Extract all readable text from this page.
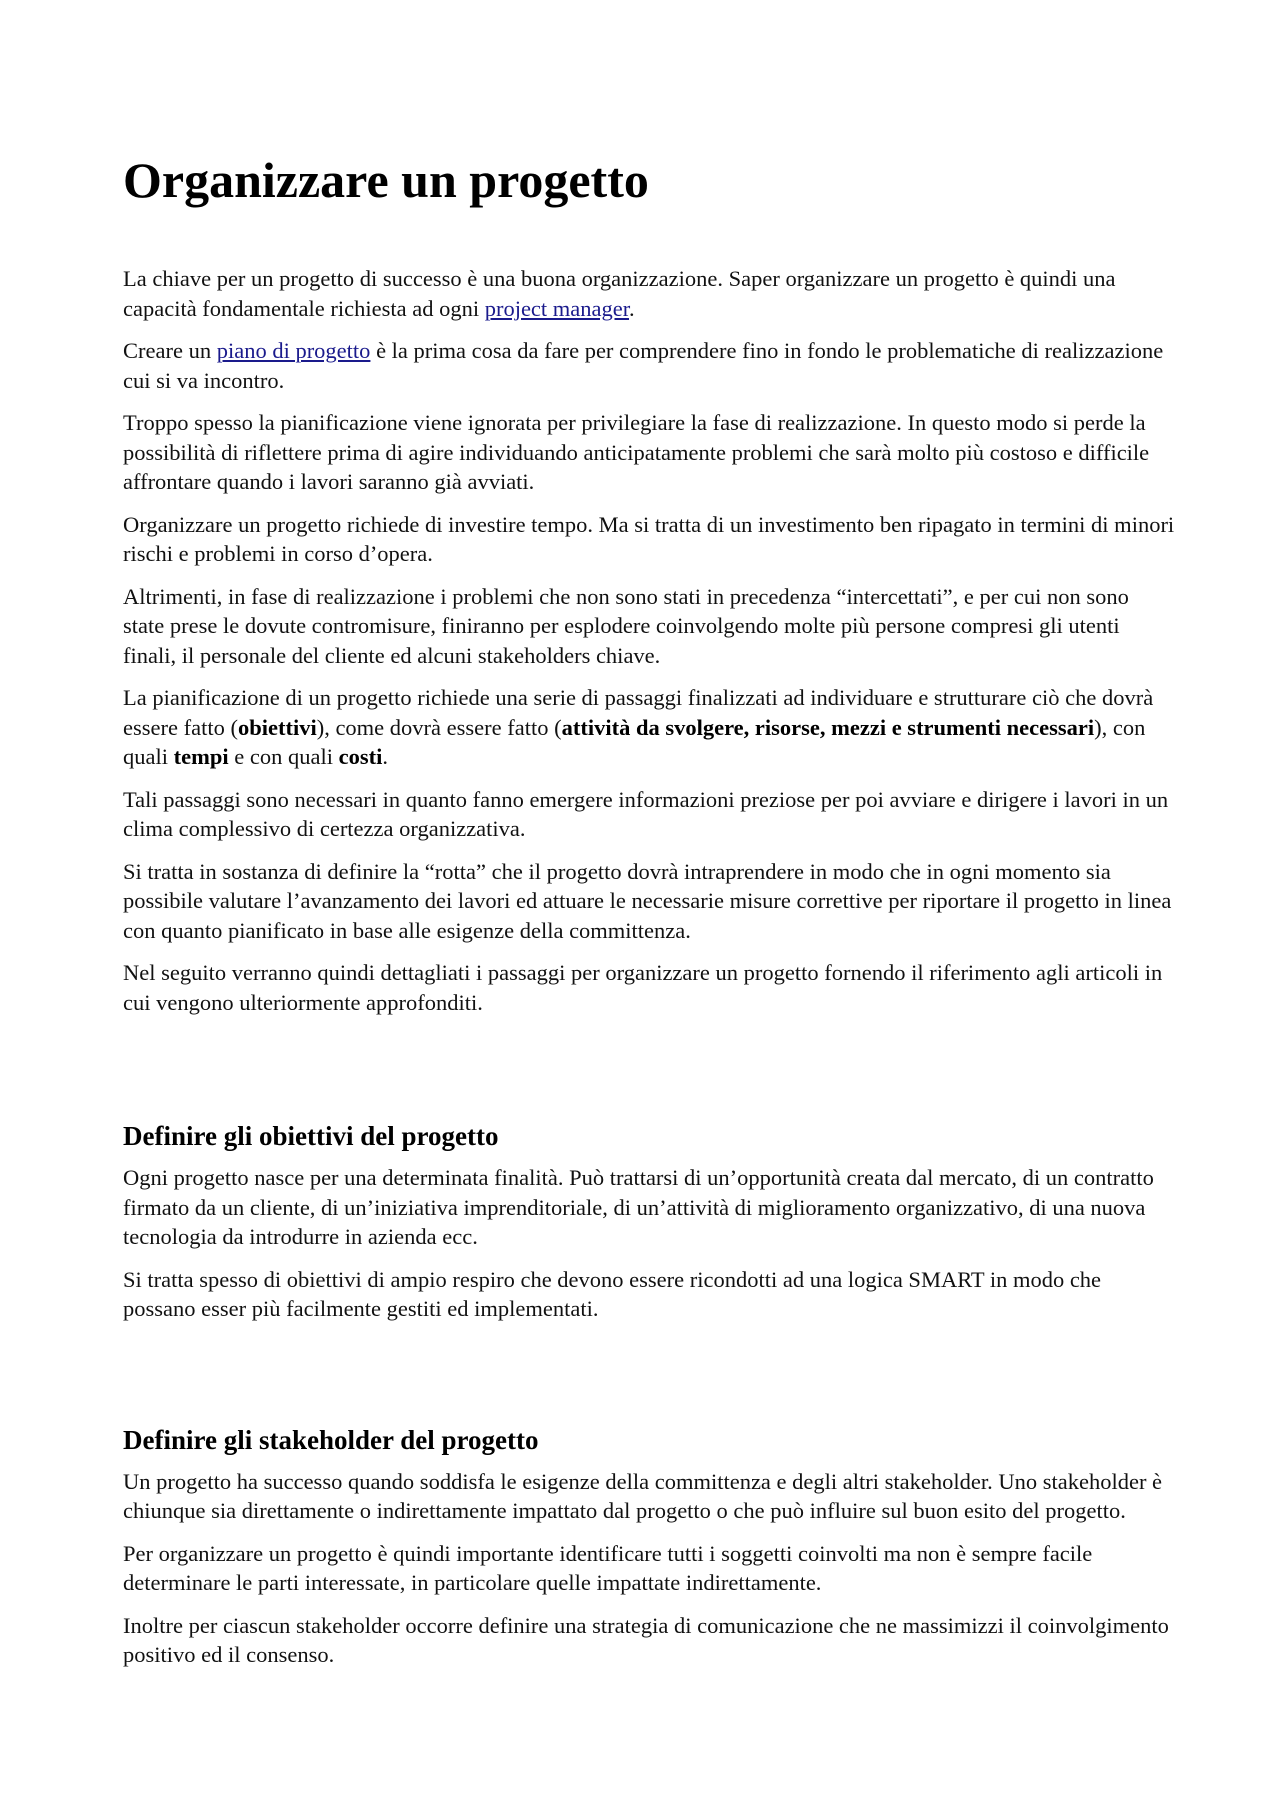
Organizzare un progetto

La chiave per un progetto di successo è una buona organizzazione. Saper organizzare un progetto è quindi una capacità fondamentale richiesta ad ogni project manager.

Creare un piano di progetto è la prima cosa da fare per comprendere fino in fondo le problematiche di realizzazione cui si va incontro.

Troppo spesso la pianificazione viene ignorata per privilegiare la fase di realizzazione. In questo modo si perde la possibilità di riflettere prima di agire individuando anticipatamente problemi che sarà molto più costoso e difficile affrontare quando i lavori saranno già avviati.

Organizzare un progetto richiede di investire tempo. Ma si tratta di un investimento ben ripagato in termini di minori rischi e problemi in corso d’opera.

Altrimenti, in fase di realizzazione i problemi che non sono stati in precedenza “intercettati”, e per cui non sono state prese le dovute contromisure, finiranno per esplodere coinvolgendo molte più persone compresi gli utenti finali, il personale del cliente ed alcuni stakeholders chiave.

La pianificazione di un progetto richiede una serie di passaggi finalizzati ad individuare e strutturare ciò che dovrà essere fatto (obiettivi), come dovrà essere fatto (attività da svolgere, risorse, mezzi e strumenti necessari), con quali tempi e con quali costi.

Tali passaggi sono necessari in quanto fanno emergere informazioni preziose per poi avviare e dirigere i lavori in un clima complessivo di certezza organizzativa.

Si tratta in sostanza di definire la “rotta” che il progetto dovrà intraprendere in modo che in ogni momento sia possibile valutare l’avanzamento dei lavori ed attuare le necessarie misure correttive per riportare il progetto in linea con quanto pianificato in base alle esigenze della committenza.

Nel seguito verranno quindi dettagliati i passaggi per organizzare un progetto fornendo il riferimento agli articoli in cui vengono ulteriormente approfonditi.

Definire gli obiettivi del progetto

Ogni progetto nasce per una determinata finalità. Può trattarsi di un’opportunità creata dal mercato, di un contratto firmato da un cliente, di un’iniziativa imprenditoriale, di un’attività di miglioramento organizzativo, di una nuova tecnologia da introdurre in azienda ecc.

Si tratta spesso di obiettivi di ampio respiro che devono essere ricondotti ad una logica SMART in modo che possano esser più facilmente gestiti ed implementati.

Definire gli stakeholder del progetto

Un progetto ha successo quando soddisfa le esigenze della committenza e degli altri stakeholder. Uno stakeholder è chiunque sia direttamente o indirettamente impattato dal progetto o che può influire sul buon esito del progetto.

Per organizzare un progetto è quindi importante identificare tutti i soggetti coinvolti ma non è sempre facile determinare le parti interessate, in particolare quelle impattate indirettamente.

Inoltre per ciascun stakeholder occorre definire una strategia di comunicazione che ne massimizzi il coinvolgimento positivo ed il consenso.
